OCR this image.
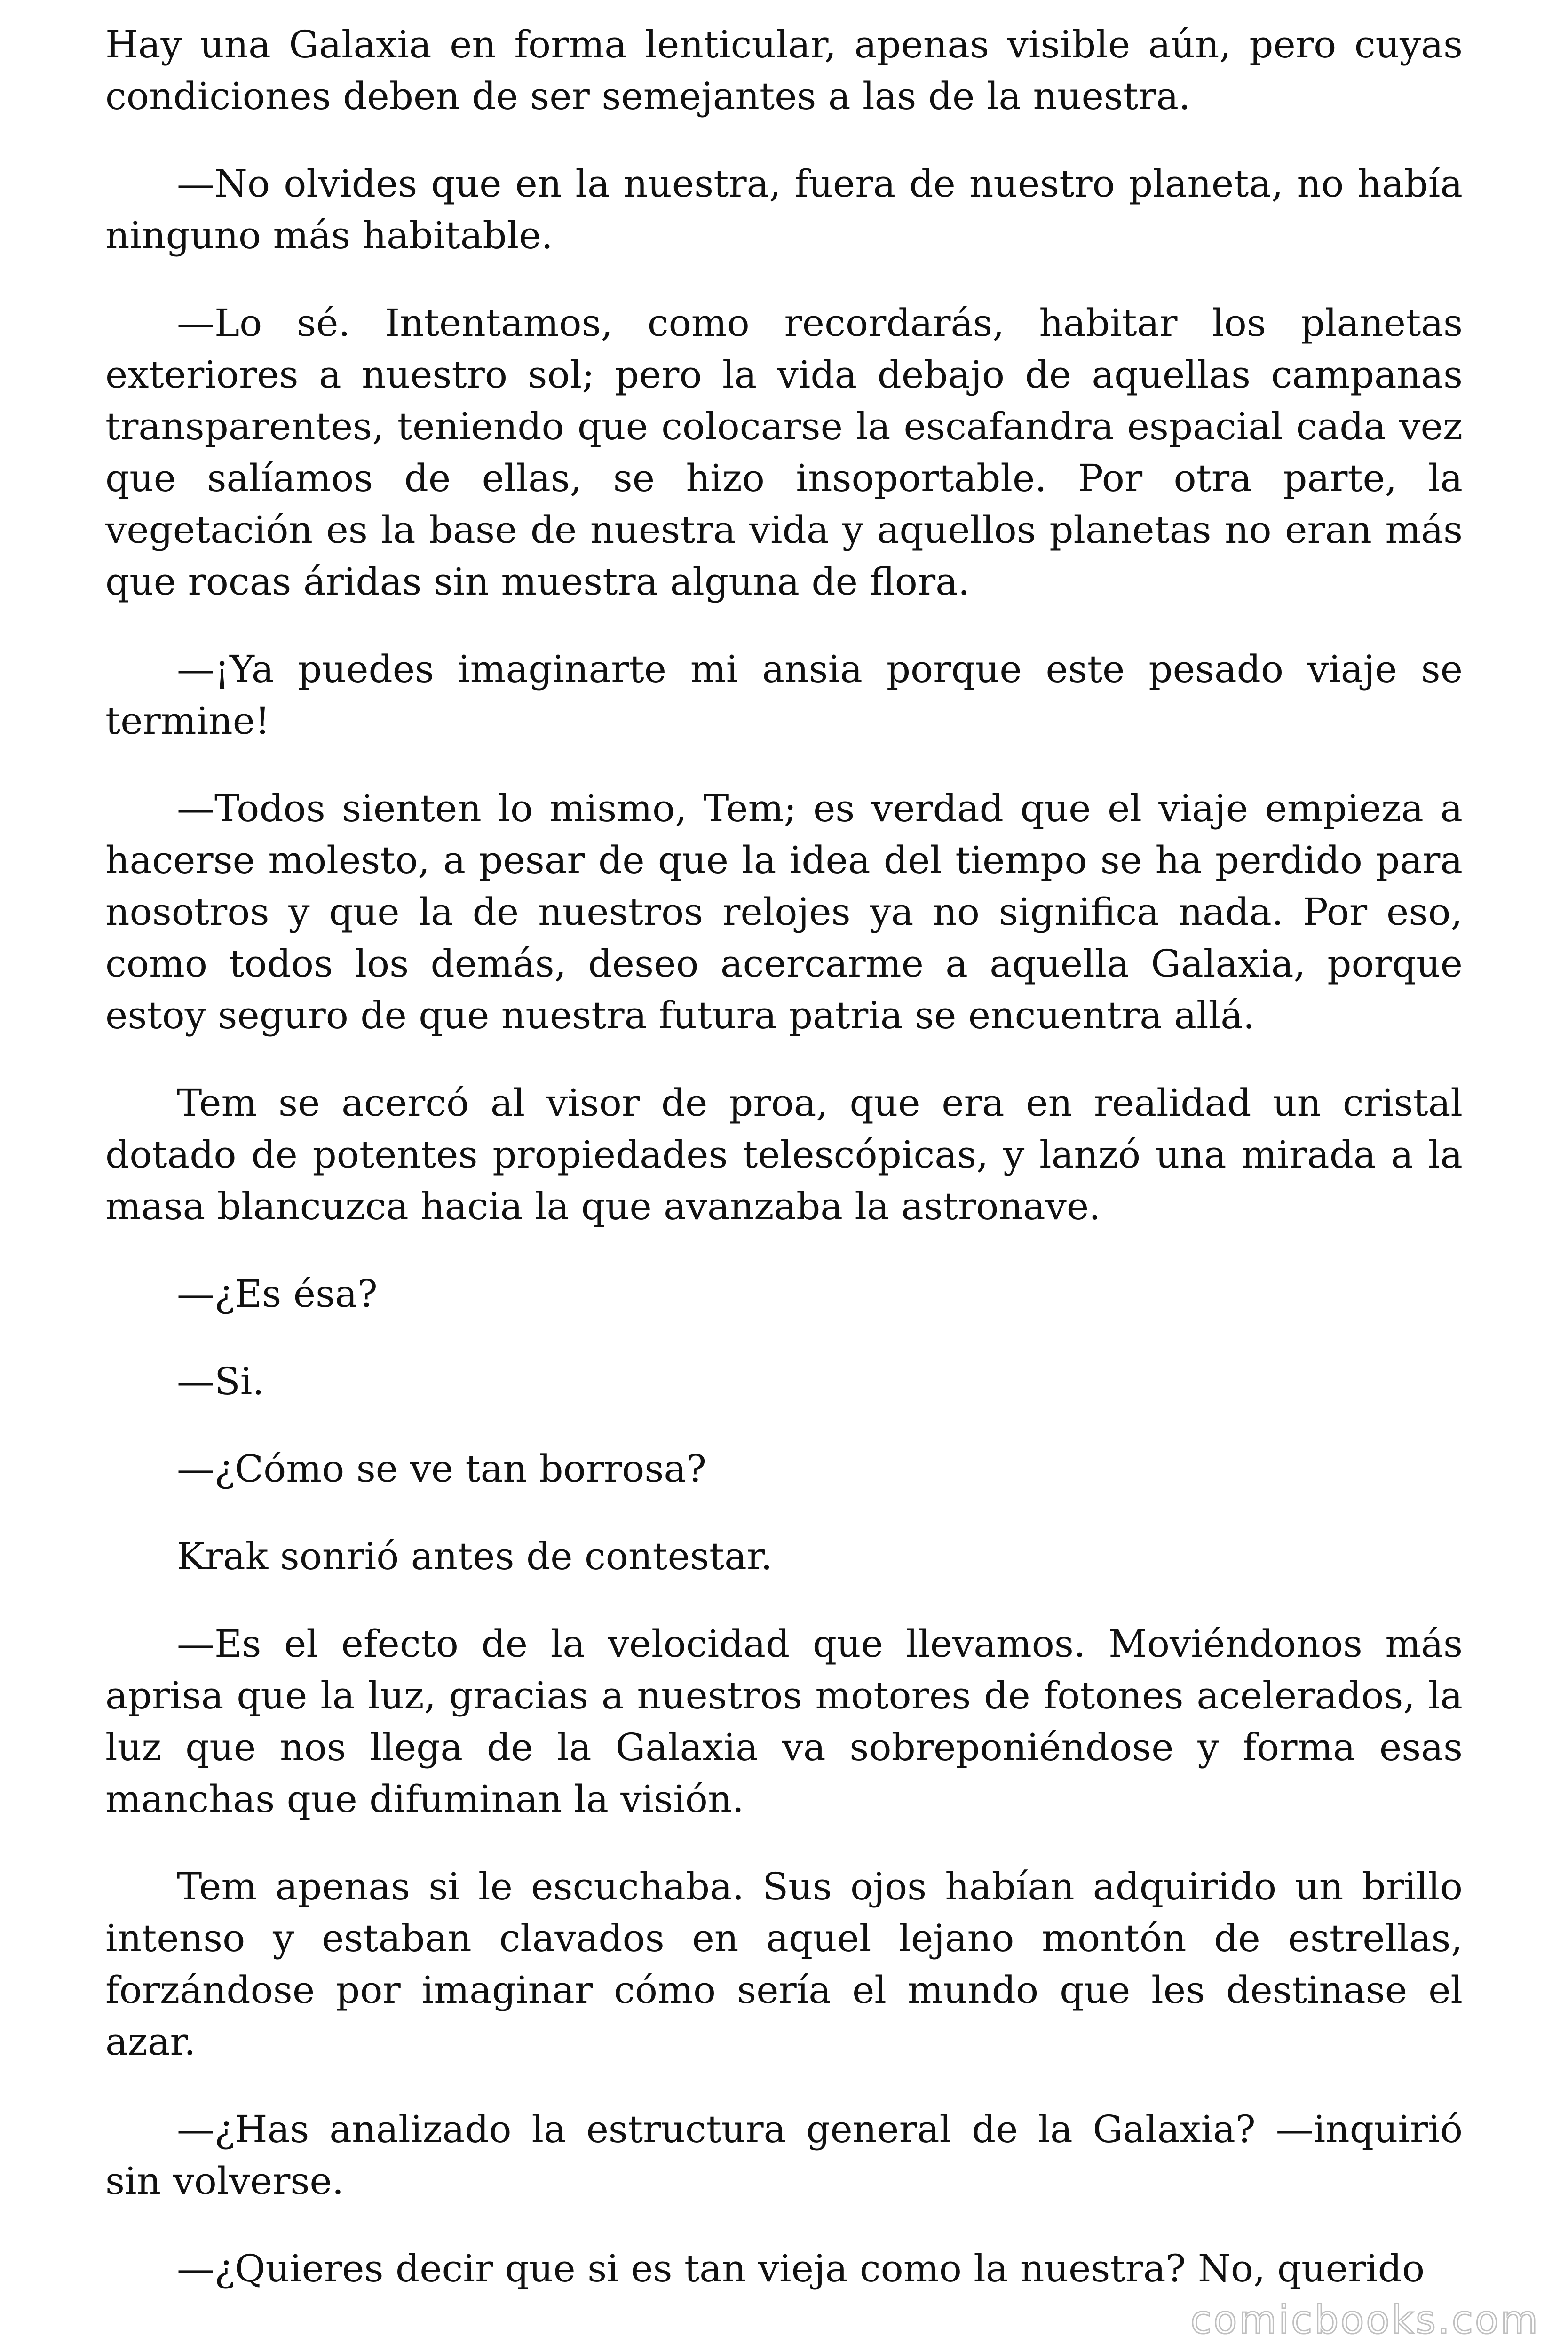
Hay una Galaxia en forma lenticular, apenas visible aún, pero cuyas condiciones deben de ser semejantes a las de la nuestra.

—No olvides que en la nuestra, fuera de nuestro planeta, no había ninguno más habitable.

—Lo sé. Intentamos, como recordarás, habitar los planetas exteriores a nuestro sol; pero la vida debajo de aquellas campanas transparentes, teniendo que colocarse la escafandra espacial cada vez que salíamos de ellas, se hizo insoportable. Por otra parte, la vegetación es la base de nuestra vida y aquellos planetas no eran más que rocas áridas sin muestra alguna de flora.

—¡Ya puedes imaginarte mi ansia porque este pesado viaje se termine!

—Todos sienten lo mismo, Tem; es verdad que el viaje empieza a hacerse molesto, a pesar de que la idea del tiempo se ha perdido para nosotros y que la de nuestros relojes ya no significa nada. Por eso, como todos los demás, deseo acercarme a aquella Galaxia, porque estoy seguro de que nuestra futura patria se encuentra allá.

Tem se acercó al visor de proa, que era en realidad un cristal dotado de potentes propiedades telescópicas, y lanzó una mirada a la masa blancuzca hacia la que avanzaba la astronave.

—¿Es ésa?

—Si.

—¿Cómo se ve tan borrosa?

Krak sonrió antes de contestar.

—Es el efecto de la velocidad que llevamos. Moviéndonos más aprisa que la luz, gracias a nuestros motores de fotones acelerados, la luz que nos llega de la Galaxia va sobreponiéndose y forma esas manchas que difuminan la visión.

Tem apenas si le escuchaba. Sus ojos habían adquirido un brillo intenso y estaban clavados en aquel lejano montón de estrellas, forzándose por imaginar cómo sería el mundo que les destinase el azar.

—¿Has analizado la estructura general de la Galaxia? —inquirió sin volverse.

—¿Quieres decir que si es tan vieja como la nuestra? No, querido

comicbooks.com
